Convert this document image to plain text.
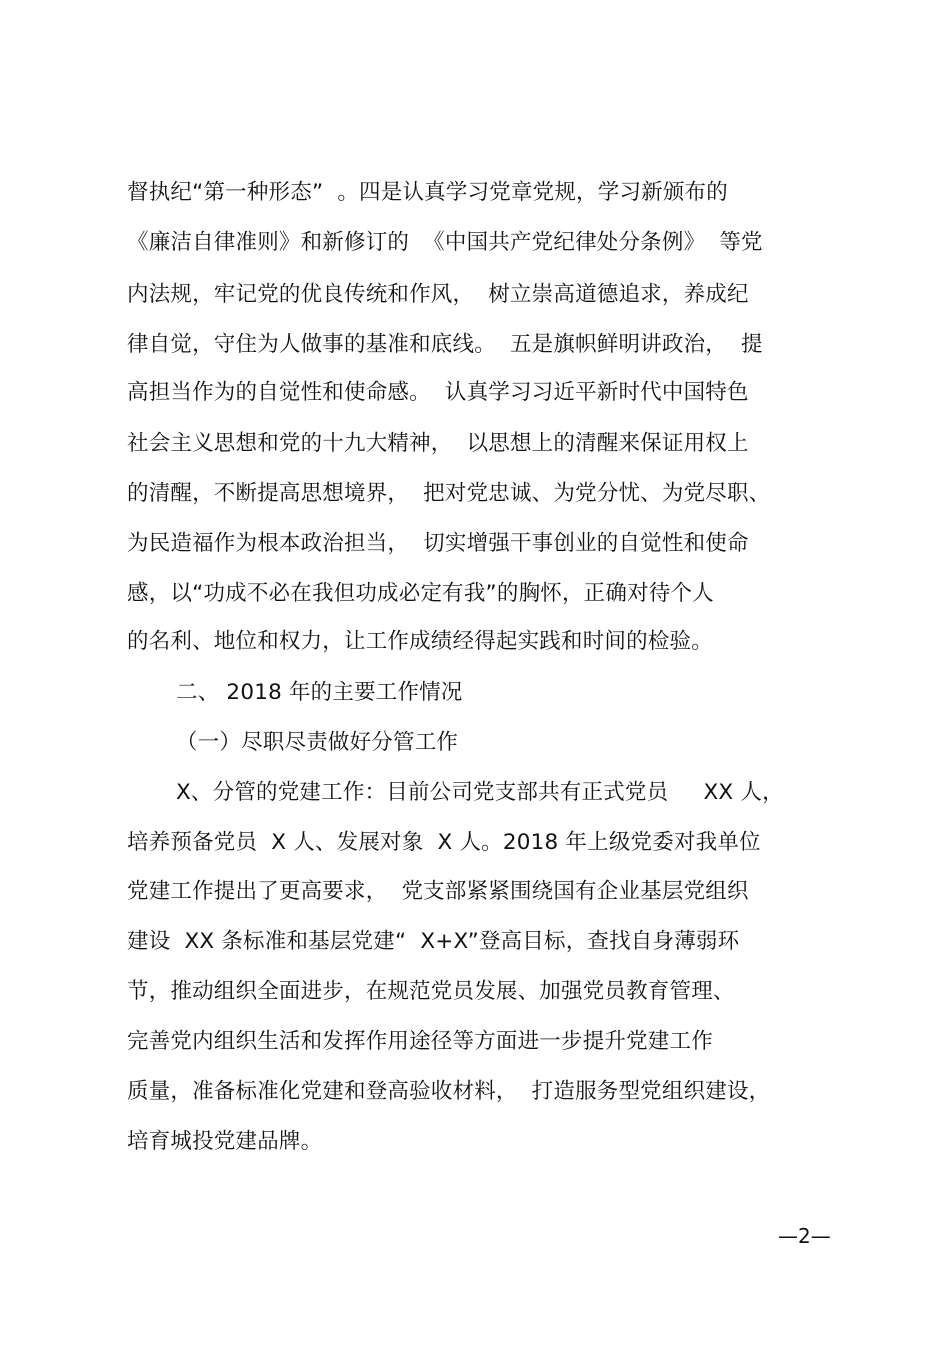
督执纪“第一种形态”  。四是认真学习党章党规，学习新颁布的
《廉洁自律准则》和新修订的  《中国共产党纪律处分条例》  等党
内法规，牢记党的优良传统和作风，  树立崇高道德追求，养成纪
律自觉，守住为人做事的基准和底线。  五是旗帜鲜明讲政治，  提
高担当作为的自觉性和使命感。  认真学习习近平新时代中国特色
社会主义思想和党的十九大精神，  以思想上的清醒来保证用权上
的清醒，不断提高思想境界，  把对党忠诚、为党分忧、为党尽职、
为民造福作为根本政治担当，  切实增强干事创业的自觉性和使命
感，以“功成不必在我但功成必定有我”的胸怀，正确对待个人
的名利、地位和权力，让工作成绩经得起实践和时间的检验。
二、 2018 年的主要工作情况
（一）尽职尽责做好分管工作
X、分管的党建工作：目前公司党支部共有正式党员     XX 人，
培养预备党员  X 人、发展对象  X 人。2018 年上级党委对我单位
党建工作提出了更高要求，  党支部紧紧围绕国有企业基层党组织
建设  XX 条标准和基层党建“  X+X”登高目标，查找自身薄弱环
节，推动组织全面进步，在规范党员发展、加强党员教育管理、
完善党内组织生活和发挥作用途径等方面进一步提升党建工作
质量，准备标准化党建和登高验收材料，  打造服务型党组织建设，
培育城投党建品牌。
—2—
